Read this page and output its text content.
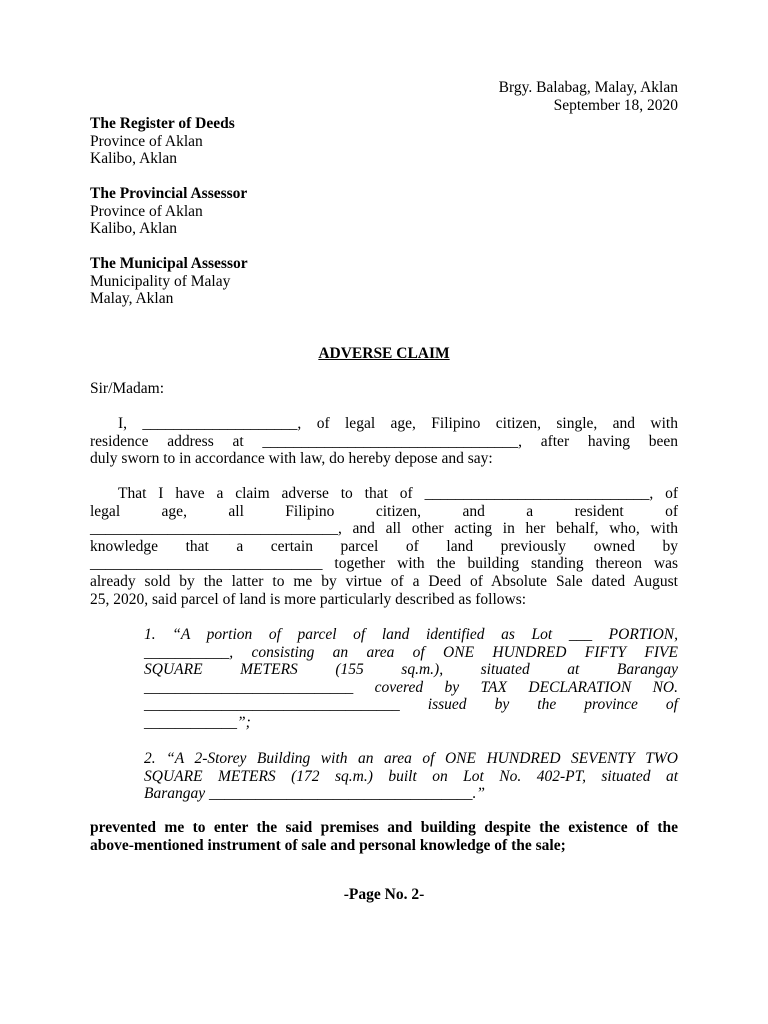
Brgy. Balabag, Malay, Aklan
September 18, 2020
The Register of Deeds
Province of Aklan
Kalibo, Aklan
The Provincial Assessor
Province of Aklan
Kalibo, Aklan
The Municipal Assessor
Municipality of Malay
Malay, Aklan
ADVERSE CLAIM
Sir/Madam:
I, ____________________, of legal age, Filipino citizen, single, and with
residence address at _________________________________, after having been
duly sworn to in accordance with law, do hereby depose and say:
That I have a claim adverse to that of _____________________________, of
legal age, all Filipino citizen, and a resident of
________________________________, and all other acting in her behalf, who, with
knowledge that a certain parcel of land previously owned by
______________________________ together with the building standing thereon was
already sold by the latter to me by virtue of a Deed of Absolute Sale dated August
25, 2020, said parcel of land is more particularly described as follows:
1. “A portion of parcel of land identified as Lot ___ PORTION,
___________, consisting an area of ONE HUNDRED FIFTY FIVE
SQUARE METERS (155 sq.m.), situated at Barangay
___________________________ covered by TAX DECLARATION NO.
_________________________________ issued by the province of
____________”;
2. “A 2-Storey Building with an area of ONE HUNDRED SEVENTY TWO
SQUARE METERS (172 sq.m.) built on Lot No. 402-PT, situated at
Barangay __________________________________.”
prevented me to enter the said premises and building despite the existence of the
above-mentioned instrument of sale and personal knowledge of the sale;
-Page No. 2-
